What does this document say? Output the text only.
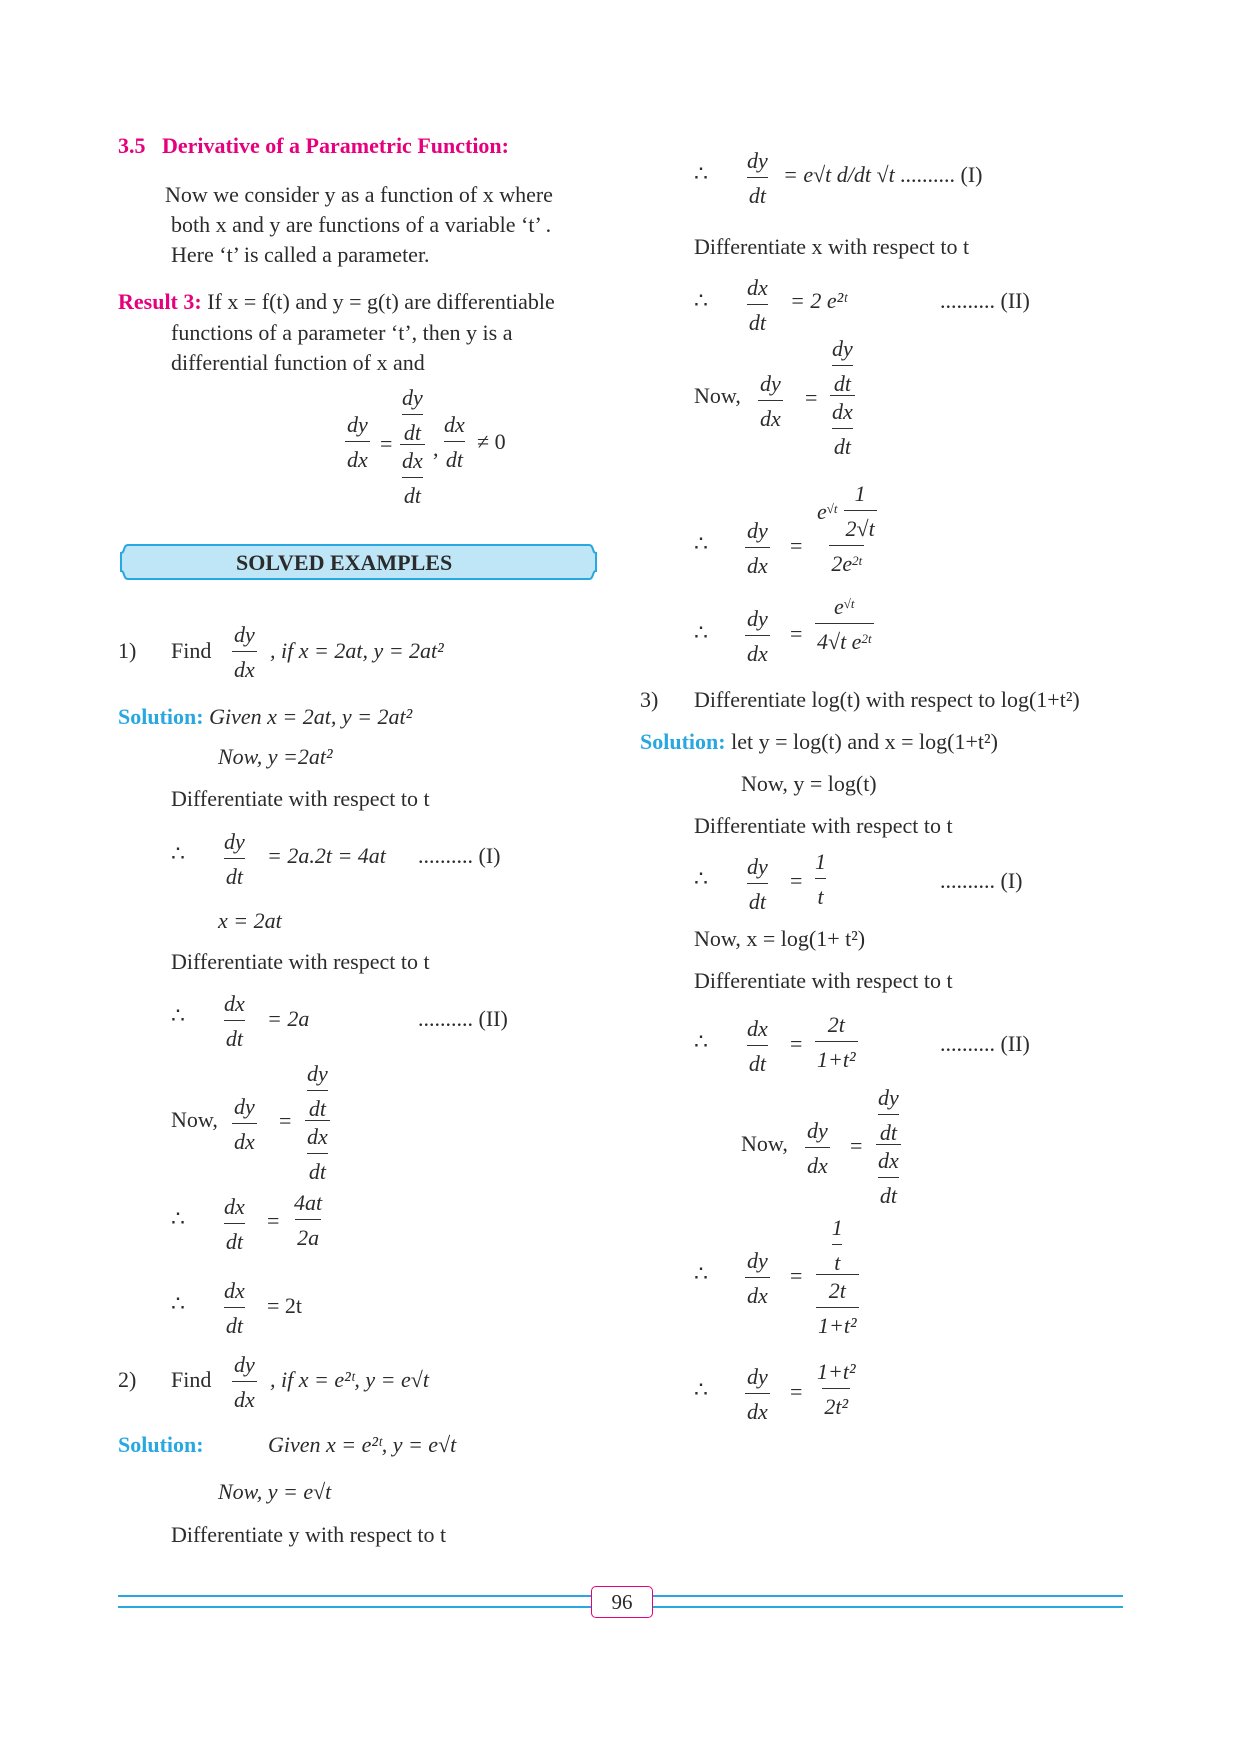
3.5 Derivative of a Parametric Function:
Now we consider y as a function of x where
both x and y are functions of a variable ‘t’ .
Here ‘t’ is called a parameter.
Result 3: If x = f(t) and y = g(t) are differentiable
functions of a parameter ‘t’, then y is a
differential function of x and
$\frac{dy}{dx} = \frac{dy}{dt}$
$\frac{dx}{dt}$ , $\frac{dx}{dt} \ne 0$
SOLVED EXAMPLES
1) Find $\frac{dy}{dx}$ , if x = 2at, y = 2at²
Solution: Given x = 2at, y = 2at²
Now, y =2at²
Differentiate with respect to t
∴ $\frac{dy}{dt} = 2a.2t = 4at$ .......... (I)
x = 2at
Differentiate with respect to t
∴ $\frac{dx}{dt} = 2a$	.......... (II)
Now, $\frac{dy}{dx}$ =
$\frac{dy}{dt}$
$\frac{dx}{dt}$
∴ $\frac{dx}{dt} = \frac{4at}{2a}$
∴ $\frac{dx}{dt} = 2t$
2) Find $\frac{dy}{dx}$ , if x = e²ᵗ, y = e√t
Solution:	Given x = e²ᵗ, y = e√t
Now, y = e√t
Differentiate y with respect to t
∴ $\frac{dy}{dt} = e√t$ d/dt √t .......... (I)
Differentiate x with respect to t
∴ $\frac{dx}{dt} = 2$ e²ᵗ	.......... (II)
Now, $\frac{dy}{dx}$ =
$\frac{dy}{dt}$
$\frac{dx}{dt}$
∴ $\frac{dy}{dx} = \frac{e^{√t} \frac{1}{2√t}}{2e^{2t}}$
∴ $\frac{dy}{dx} = \frac{e^{√t}}{4√t e^{2t}}$
3) Differentiate log(t) with respect to log(1+t²)
Solution: let y = log(t) and x = log(1+t²)
Now, y = log(t)
Differentiate with respect to t
∴ $\frac{dy}{dt} = \frac{1}{t}$	.......... (I)
Now, x = log(1+ t²)
Differentiate with respect to t
∴ $\frac{dx}{dt} = \frac{2t}{\text{1+t²}}$	.......... (II)
Now, $\frac{dy}{dx}$ =
$\frac{dy}{dt}$
$\frac{dx}{dt}$
∴ $\frac{dy}{dx} = \frac{\frac{1}{t}}{\frac{2t}{\text{1+t²}}}$
∴ $\frac{dy}{dx} = \frac{\text{1+t²}}{\text{2t²}}$
96
